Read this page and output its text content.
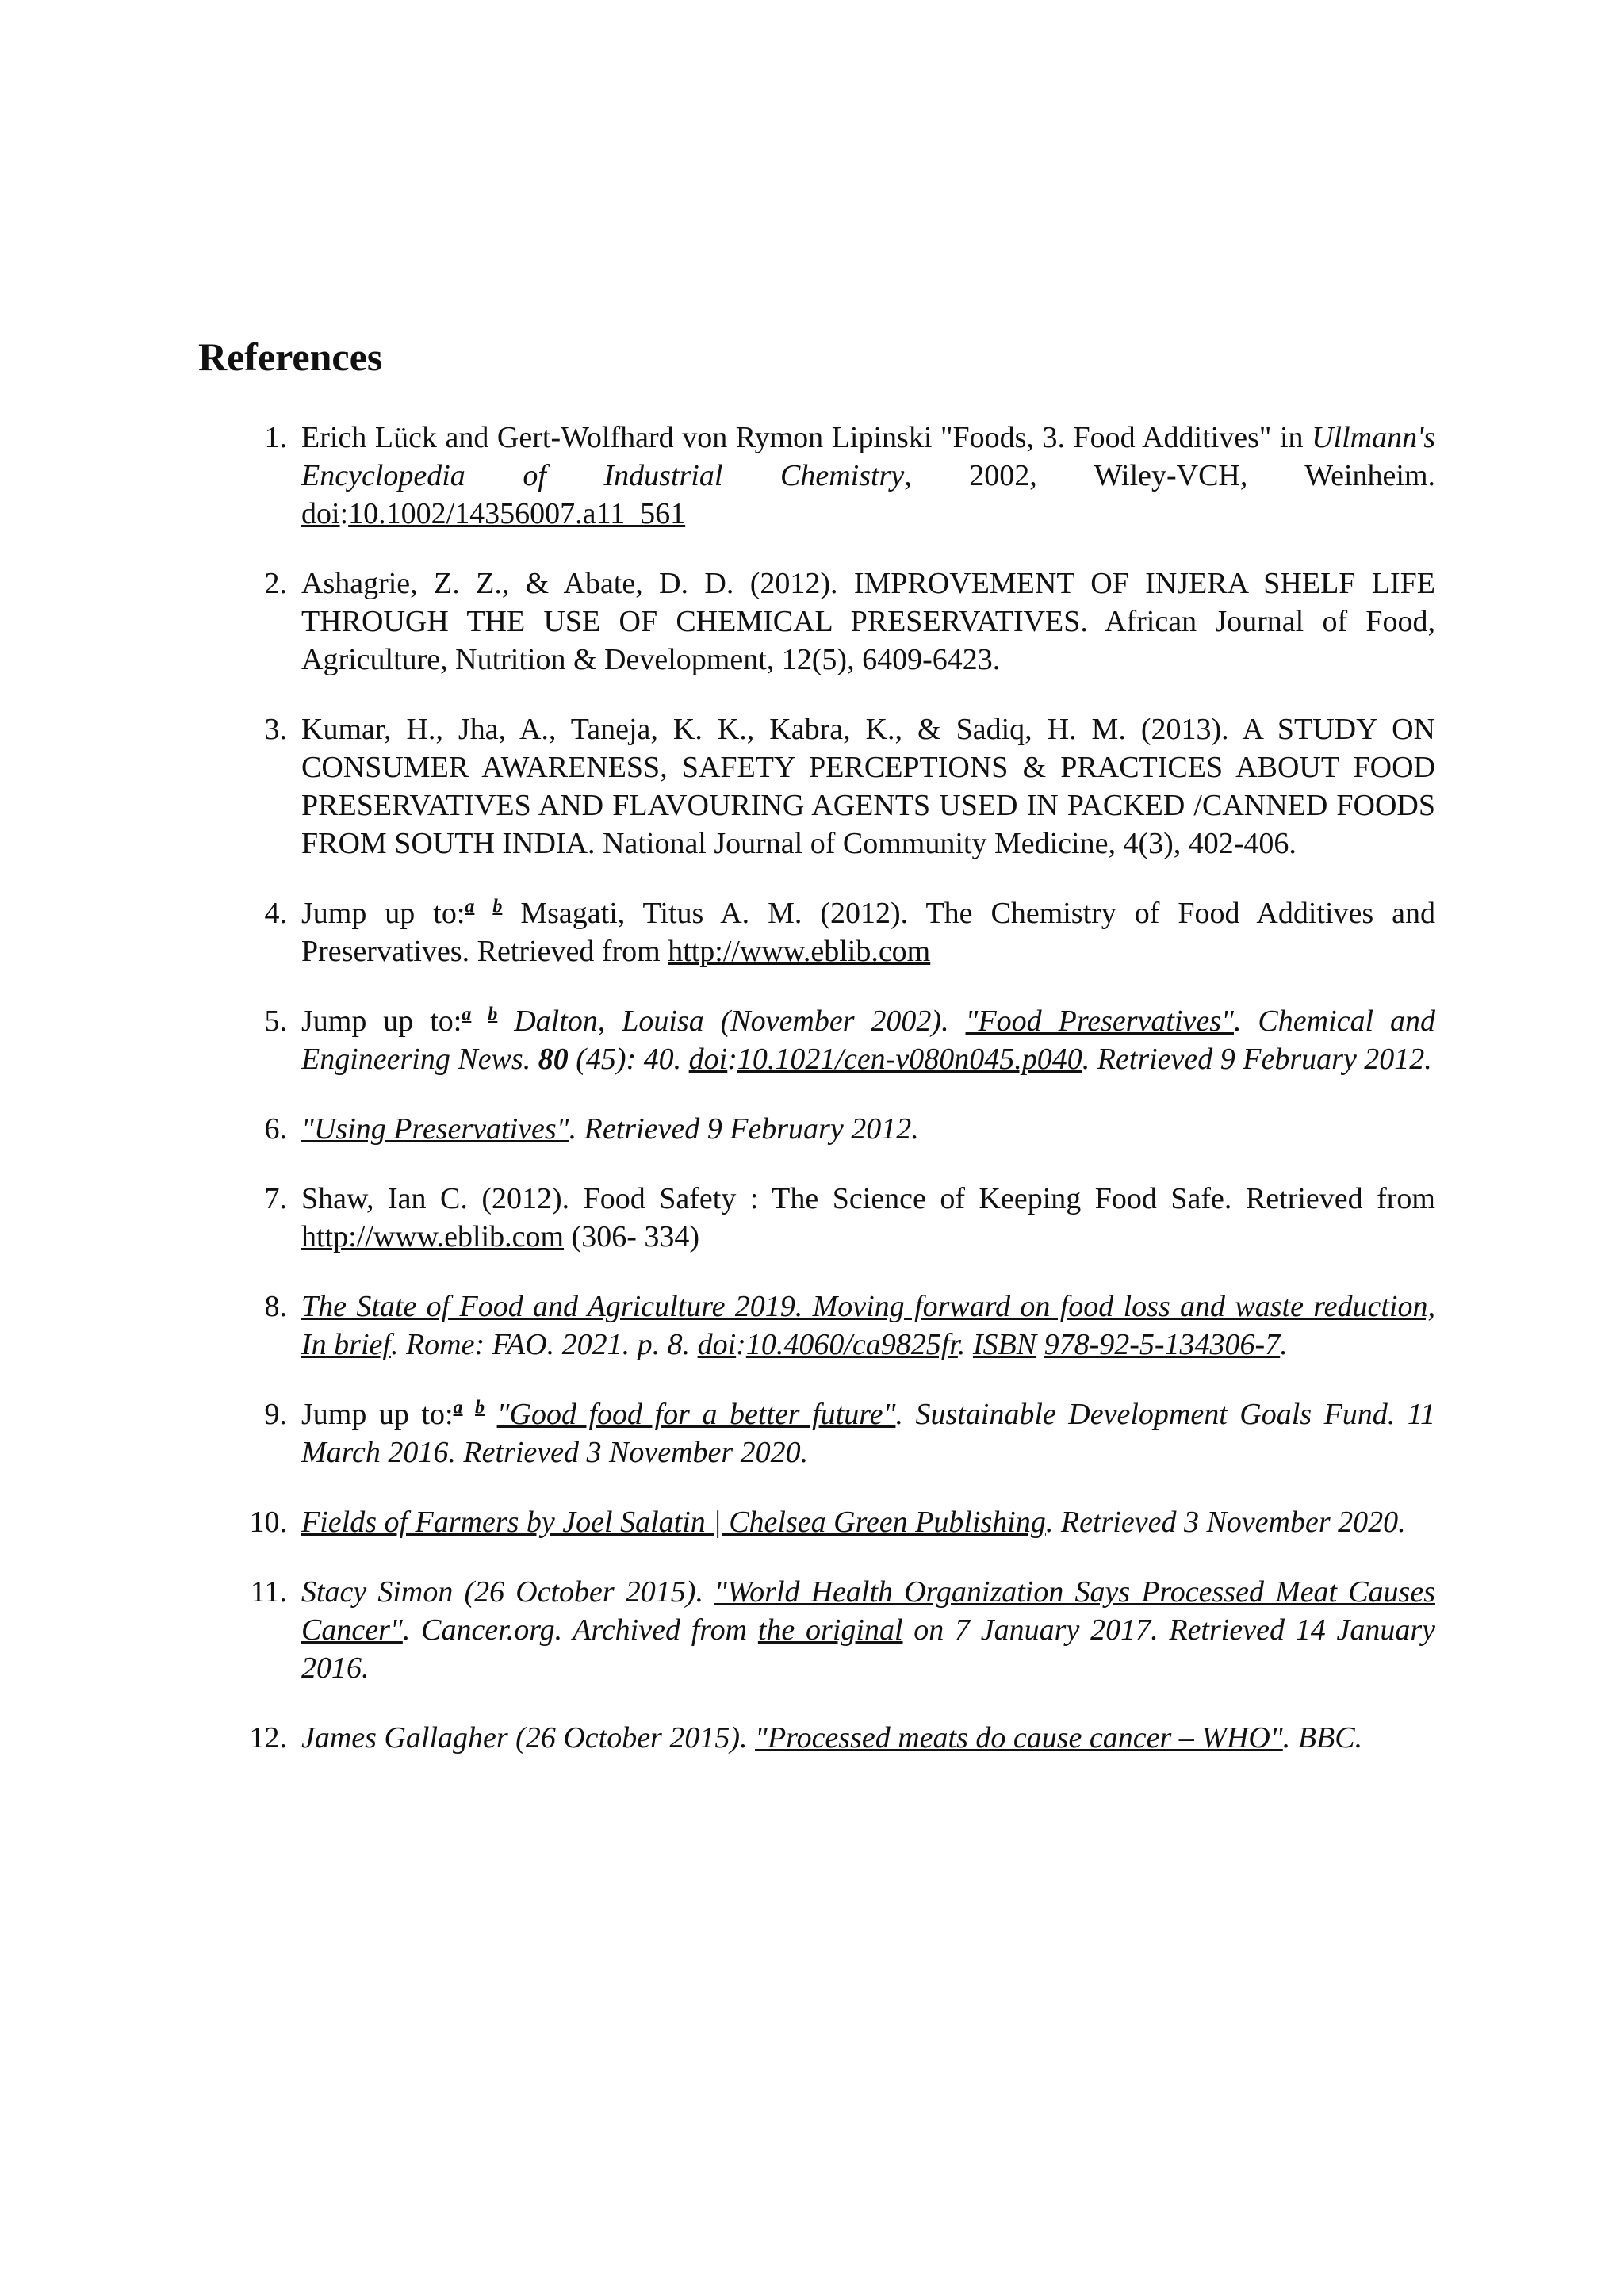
References
1. Erich Lück and Gert-Wolfhard von Rymon Lipinski "Foods, 3. Food Additives" in Ullmann's Encyclopedia of Industrial Chemistry, 2002, Wiley-VCH, Weinheim. doi:10.1002/14356007.a11_561
2. Ashagrie, Z. Z., & Abate, D. D. (2012). IMPROVEMENT OF INJERA SHELF LIFE THROUGH THE USE OF CHEMICAL PRESERVATIVES. African Journal of Food, Agriculture, Nutrition & Development, 12(5), 6409-6423.
3. Kumar, H., Jha, A., Taneja, K. K., Kabra, K., & Sadiq, H. M. (2013). A STUDY ON CONSUMER AWARENESS, SAFETY PERCEPTIONS & PRACTICES ABOUT FOOD PRESERVATIVES AND FLAVOURING AGENTS USED IN PACKED /CANNED FOODS FROM SOUTH INDIA. National Journal of Community Medicine, 4(3), 402-406.
4. Jump up to:$^a$ $^b$ Msagati, Titus A. M. (2012). The Chemistry of Food Additives and Preservatives. Retrieved from http://www.eblib.com
5. Jump up to:$^a$ $^b$ Dalton, Louisa (November 2002). "Food Preservatives". Chemical and Engineering News. 80 (45): 40. doi:10.1021/cen-v080n045.p040. Retrieved 9 February 2012.
6. "Using Preservatives". Retrieved 9 February 2012.
7. Shaw, Ian C. (2012). Food Safety : The Science of Keeping Food Safe. Retrieved from http://www.eblib.com (306- 334)
8. The State of Food and Agriculture 2019. Moving forward on food loss and waste reduction, In brief. Rome: FAO. 2021. p. 8. doi:10.4060/ca9825fr. ISBN 978-92-5-134306-7.
9. Jump up to:$^a$ $^b$ "Good food for a better future". Sustainable Development Goals Fund. 11 March 2016. Retrieved 3 November 2020.
10. Fields of Farmers by Joel Salatin | Chelsea Green Publishing. Retrieved 3 November 2020.
11. Stacy Simon (26 October 2015). "World Health Organization Says Processed Meat Causes Cancer". Cancer.org. Archived from the original on 7 January 2017. Retrieved 14 January 2016.
12. James Gallagher (26 October 2015). "Processed meats do cause cancer – WHO". BBC.
